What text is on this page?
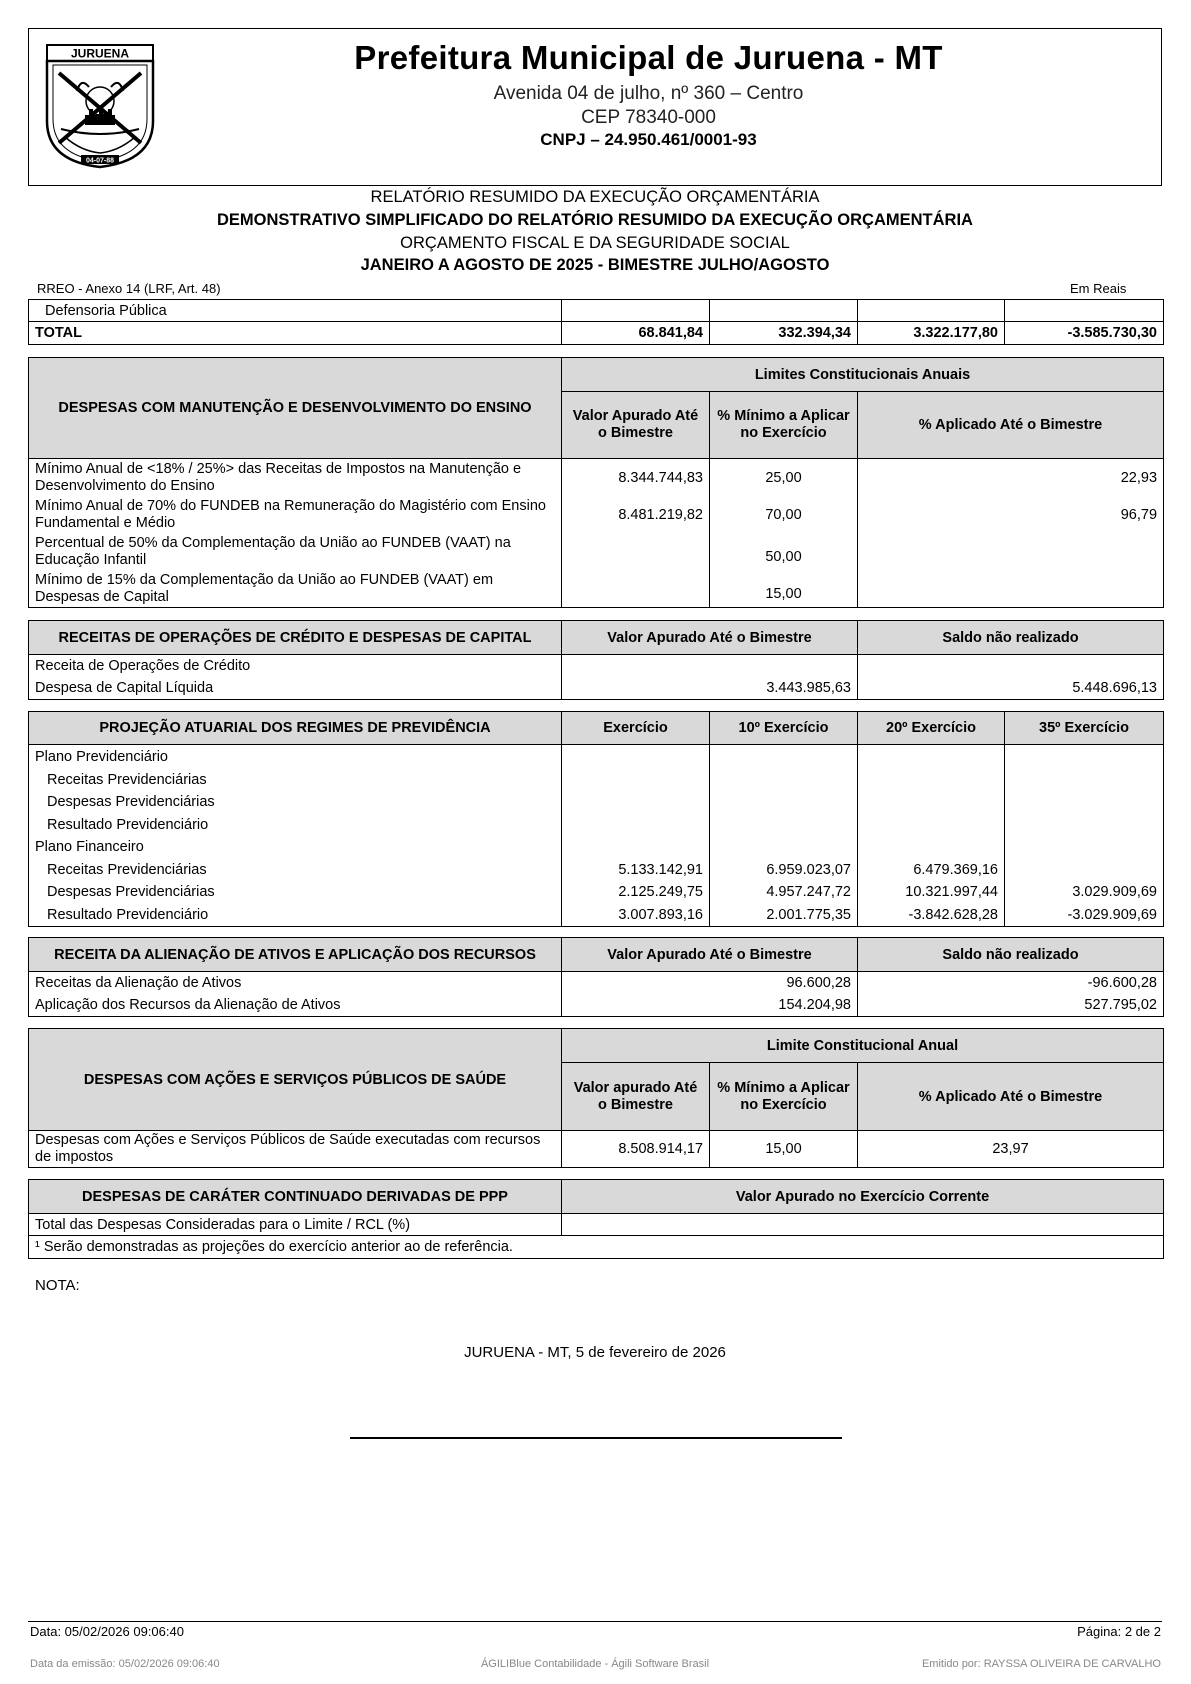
JURUENA
04-07-88
Prefeitura Municipal de Juruena - MT
Avenida 04 de julho, nº 360 – Centro
CEP 78340-000
CNPJ – 24.950.461/0001-93
RELATÓRIO RESUMIDO DA EXECUÇÃO ORÇAMENTÁRIA
DEMONSTRATIVO SIMPLIFICADO DO RELATÓRIO RESUMIDO DA EXECUÇÃO ORÇAMENTÁRIA
ORÇAMENTO FISCAL E DA SEGURIDADE SOCIAL
JANEIRO A AGOSTO DE 2025 - BIMESTRE JULHO/AGOSTO
RREO - Anexo 14 (LRF, Art. 48)	Em Reais
Defensoria Pública				
TOTAL	68.841,84	332.394,34	3.322.177,80	-3.585.730,30
DESPESAS COM MANUTENÇÃO E DESENVOLVIMENTO DO ENSINO	Limites Constitucionais Anuais		
	Valor Apurado Até o Bimestre	% Mínimo a Aplicar no Exercício	% Aplicado Até o Bimestre
Mínimo Anual de <18% / 25%> das Receitas de Impostos na Manutenção e Desenvolvimento do Ensino	8.344.744,83	25,00	22,93
Mínimo Anual de 70% do FUNDEB na Remuneração do Magistério com Ensino Fundamental e Médio	8.481.219,82	70,00	96,79
Percentual de 50% da Complementação da União ao FUNDEB (VAAT) na Educação Infantil		50,00	
Mínimo de 15% da Complementação da União ao FUNDEB (VAAT) em Despesas de Capital		15,00	
RECEITAS DE OPERAÇÕES DE CRÉDITO E DESPESAS DE CAPITAL	Valor Apurado Até o Bimestre	Saldo não realizado
Receita de Operações de Crédito		
Despesa de Capital Líquida	3.443.985,63	5.448.696,13
PROJEÇÃO ATUARIAL DOS REGIMES DE PREVIDÊNCIA	Exercício	10º Exercício	20º Exercício	35º Exercício
Plano Previdenciário				
Receitas Previdenciárias				
Despesas Previdenciárias				
Resultado Previdenciário				
Plano Financeiro				
Receitas Previdenciárias	5.133.142,91	6.959.023,07	6.479.369,16	
Despesas Previdenciárias	2.125.249,75	4.957.247,72	10.321.997,44	3.029.909,69
Resultado Previdenciário	3.007.893,16	2.001.775,35	-3.842.628,28	-3.029.909,69
RECEITA DA ALIENAÇÃO DE ATIVOS E APLICAÇÃO DOS RECURSOS	Valor Apurado Até o Bimestre	Saldo não realizado
Receitas da Alienação de Ativos	96.600,28	-96.600,28
Aplicação dos Recursos da Alienação de Ativos	154.204,98	527.795,02
DESPESAS COM AÇÕES E SERVIÇOS PÚBLICOS DE SAÚDE	Limite Constitucional Anual		
	Valor apurado Até o Bimestre	% Mínimo a Aplicar no Exercício	% Aplicado Até o Bimestre
Despesas com Ações e Serviços Públicos de Saúde executadas com recursos de impostos	8.508.914,17	15,00	23,97
DESPESAS DE CARÁTER CONTINUADO DERIVADAS DE PPP	Valor Apurado no Exercício Corrente
Total das Despesas Consideradas para o Limite / RCL (%)	
¹ Serão demonstradas as projeções do exercício anterior ao de referência.	
NOTA:
JURUENA - MT, 5 de fevereiro de 2026
Data: 05/02/2026 09:06:40	Página: 2 de 2
Data da emissão: 05/02/2026 09:06:40	ÁGILIBlue Contabilidade - Ágili Software Brasil	Emitido por: RAYSSA OLIVEIRA DE CARVALHO
